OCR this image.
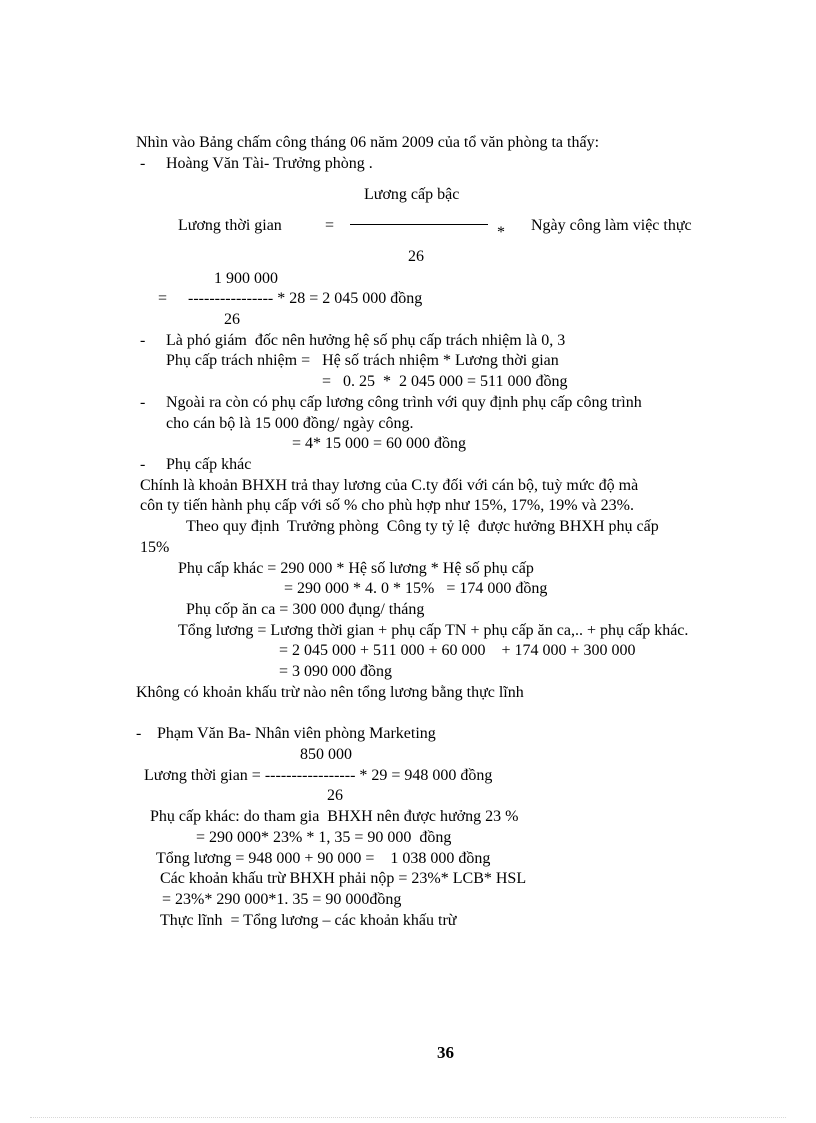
Nhìn vào Bảng chấm công tháng 06 năm 2009 của tổ văn phòng ta thấy:
- Hoàng Văn Tài- Trưởng phòng .
Lương cấp bậc
Lương thời gian	=	* Ngày công làm việc thực
26
1 900 000
= ---------------- * 28 = 2 045 000 đồng
26
- Là phó giám  đốc nên hưởng hệ số phụ cấp trách nhiệm là 0, 3
Phụ cấp trách nhiệm =   Hệ số trách nhiệm * Lương thời gian
=   0. 25  *  2 045 000 = 511 000 đồng
- Ngoài ra còn có phụ cấp lương công trình với quy định phụ cấp công trình
cho cán bộ là 15 000 đồng/ ngày công.
= 4* 15 000 = 60 000 đồng
- Phụ cấp khác
Chính là khoản BHXH trả thay lương của C.ty đối với cán bộ, tuỳ mức độ mà
côn ty tiến hành phụ cấp với số % cho phù hợp như 15%, 17%, 19% và 23%.
Theo quy định  Trưởng phòng  Công ty tỷ lệ  được hưởng BHXH phụ cấp
15%
Phụ cấp khác = 290 000 * Hệ số lương * Hệ số phụ cấp
= 290 000 * 4. 0 * 15%   = 174 000 đồng
Phụ cốp ăn ca = 300 000 đụng/ tháng
Tổng lương = Lương thời gian + phụ cấp TN + phụ cấp ăn ca,.. + phụ cấp khác.
= 2 045 000 + 511 000 + 60 000    + 174 000 + 300 000
= 3 090 000 đồng
Không có khoản khấu trừ nào nên tổng lương bằng thực lĩnh
- Phạm Văn Ba- Nhân viên phòng Marketing
850 000
Lương thời gian = ----------------- * 29 = 948 000 đồng
26
Phụ cấp khác: do tham gia  BHXH nên được hưởng 23 %
= 290 000* 23% * 1, 35 = 90 000  đồng
Tổng lương = 948 000 + 90 000 =    1 038 000 đồng
Các khoản khấu trừ BHXH phải nộp = 23%* LCB* HSL
= 23%* 290 000*1. 35 = 90 000đồng
Thực lĩnh  = Tổng lương – các khoản khấu trừ
36
